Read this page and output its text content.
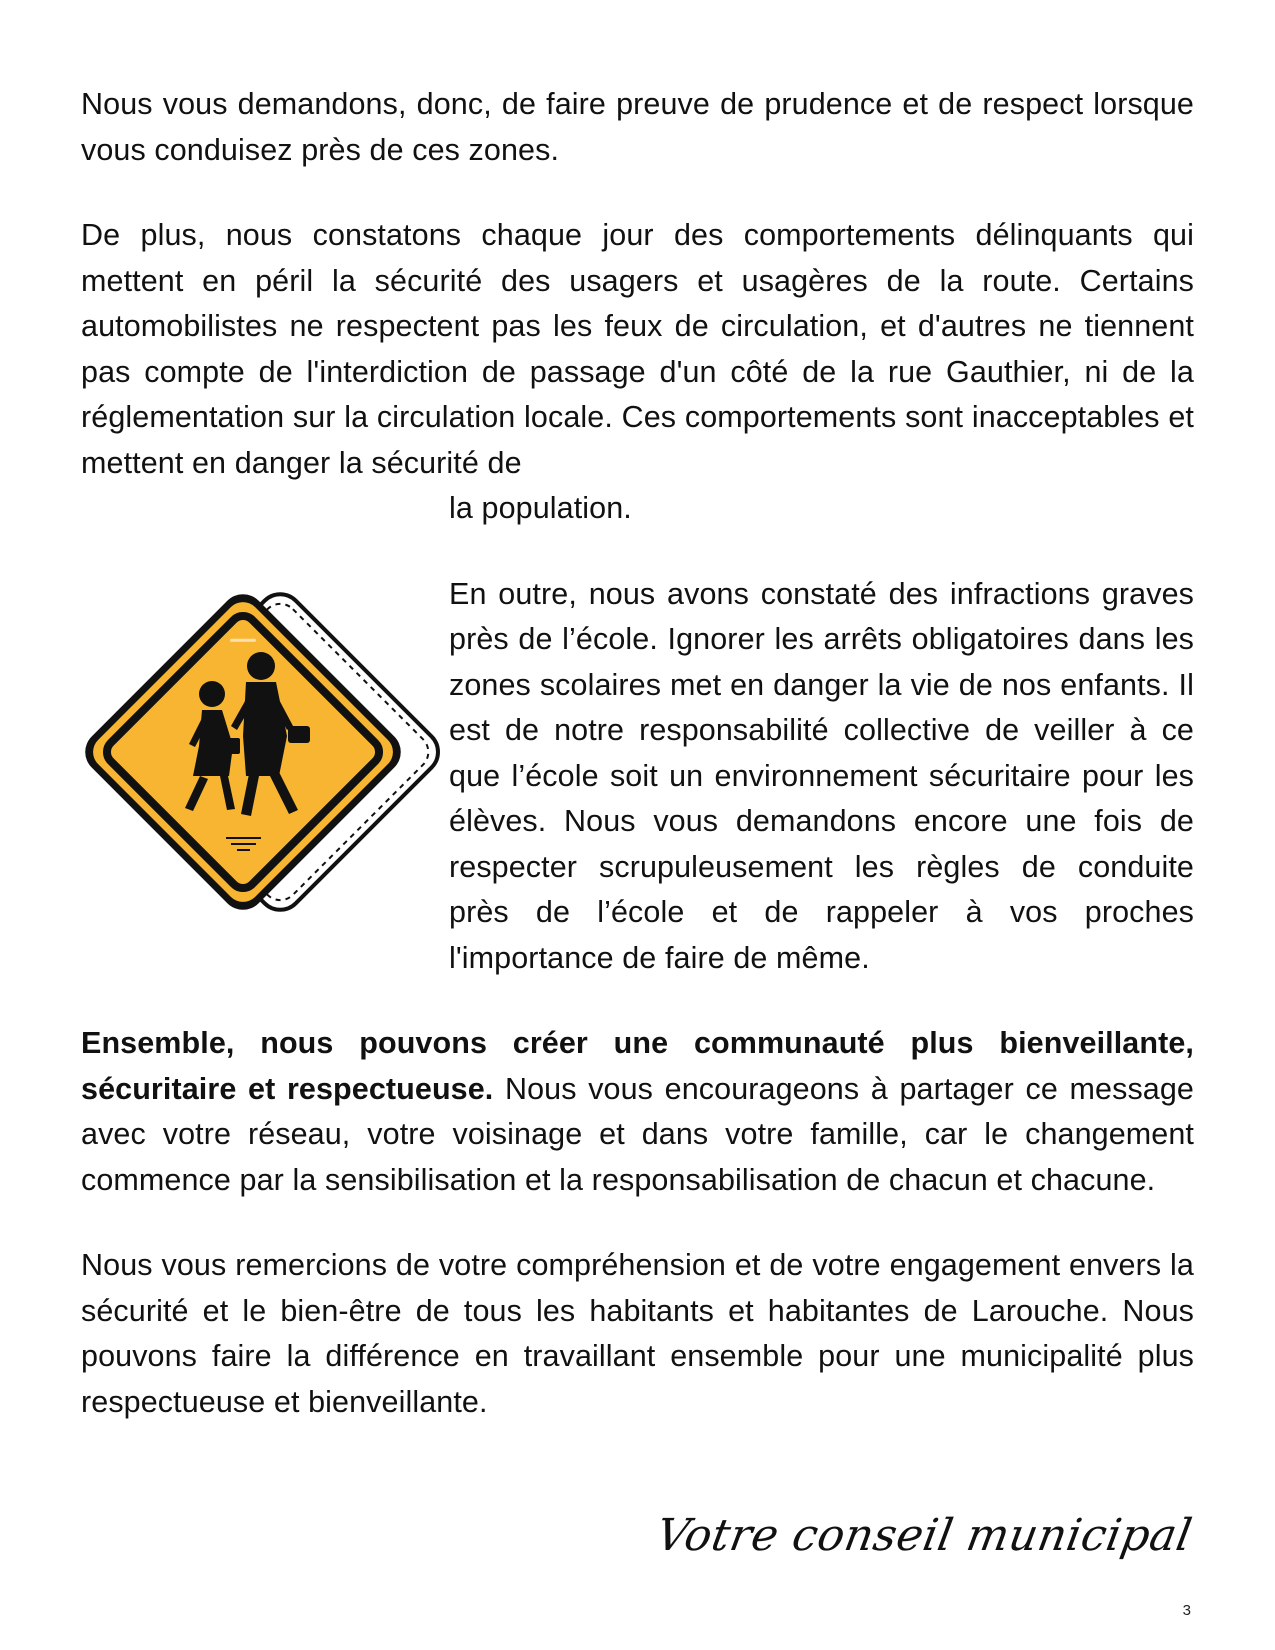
Nous vous demandons, donc, de faire preuve de prudence et de respect lorsque vous conduisez près de ces zones.

De plus, nous constatons chaque jour des comportements délinquants qui mettent en péril la sécurité des usagers et usagères de la route. Certains automobilistes ne respectent pas les feux de circulation, et d'autres ne tiennent pas compte de l'interdiction de passage d'un côté de la rue Gauthier, ni de la réglementation sur la circulation locale. Ces comportements sont inacceptables et mettent en danger la sécurité de

la population.

En outre, nous avons constaté des infractions graves près de l’école. Ignorer les arrêts obligatoires dans les zones scolaires met en danger la vie de nos enfants. Il est de notre responsabilité collective de veiller à ce que l’école soit un environnement sécuritaire pour les élèves. Nous vous demandons encore une fois de respecter scrupuleusement les règles de conduite près de l’école et de rappeler à vos proches l'importance de faire de même.

Ensemble, nous pouvons créer une communauté plus bienveillante, sécuritaire et respectueuse. Nous vous encourageons à partager ce message avec votre réseau, votre voisinage et dans votre famille, car le changement commence par la sensibilisation et la responsabilisation de chacun et chacune.

Nous vous remercions de votre compréhension et de votre engagement envers la sécurité et le bien-être de tous les habitants et habitantes de Larouche. Nous pouvons faire la différence en travaillant ensemble pour une municipalité plus respectueuse et bienveillante.

Votre conseil municipal
3
